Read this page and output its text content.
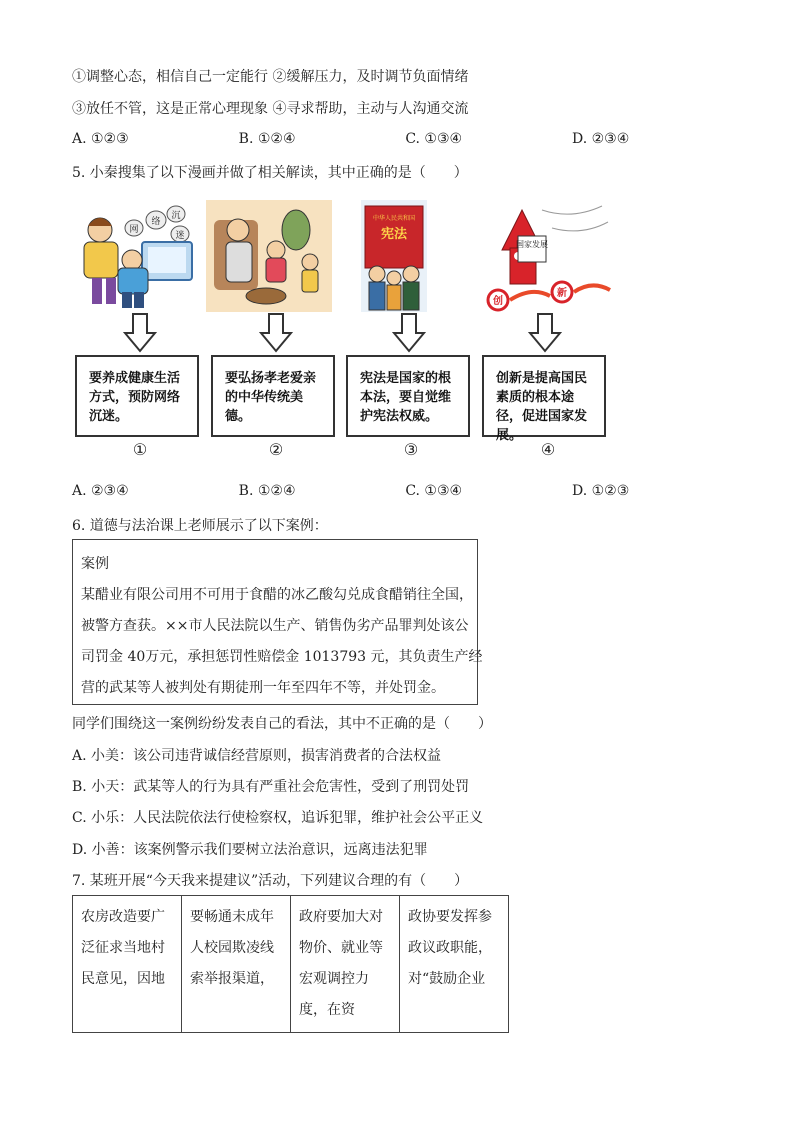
①调整心态，相信自己一定能行 ②缓解压力，及时调节负面情绪
③放任不管，这是正常心理现象 ④寻求帮助，主动与人沟通交流
A. ①②③	B. ①②④	C. ①③④	D. ②③④
5. 小秦搜集了以下漫画并做了相关解读，其中正确的是（　　）
络
沉
网
迷
中华人民共和国
宪法
国家发展
创
新
要养成健康生活方式，预防网络沉迷。
要弘扬孝老爱亲的中华传统美德。
宪法是国家的根本法，要自觉维护宪法权威。
创新是提高国民素质的根本途径，促进国家发展。
①	②	③	④
A. ②③④	B. ①②④	C. ①③④	D. ①②③
6. 道德与法治课上老师展示了以下案例：

案例

某醋业有限公司用不可用于食醋的冰乙酸勾兑成食醋销往全国，

被警方查获。××市人民法院以生产、销售伪劣产品罪判处该公

司罚金 40万元，承担惩罚性赔偿金 1013793 元，其负责生产经

营的武某等人被判处有期徒刑一年至四年不等，并处罚金。

同学们围绕这一案例纷纷发表自己的看法，其中不正确的是（　　）
A. 小美：该公司违背诚信经营原则，损害消费者的合法权益
B. 小天：武某等人的行为具有严重社会危害性，受到了刑罚处罚
C. 小乐：人民法院依法行使检察权，追诉犯罪，维护社会公平正义
D. 小善：该案例警示我们要树立法治意识，远离违法犯罪
7. 某班开展“今天我来提建议”活动，下列建议合理的有（　　）
农房改造要广泛征求当地村民意见，因地

要畅通未成年人校园欺凌线索举报渠道，

政府要加大对物价、就业等宏观调控力度，在资

政协要发挥参政议政职能，对“鼓励企业
